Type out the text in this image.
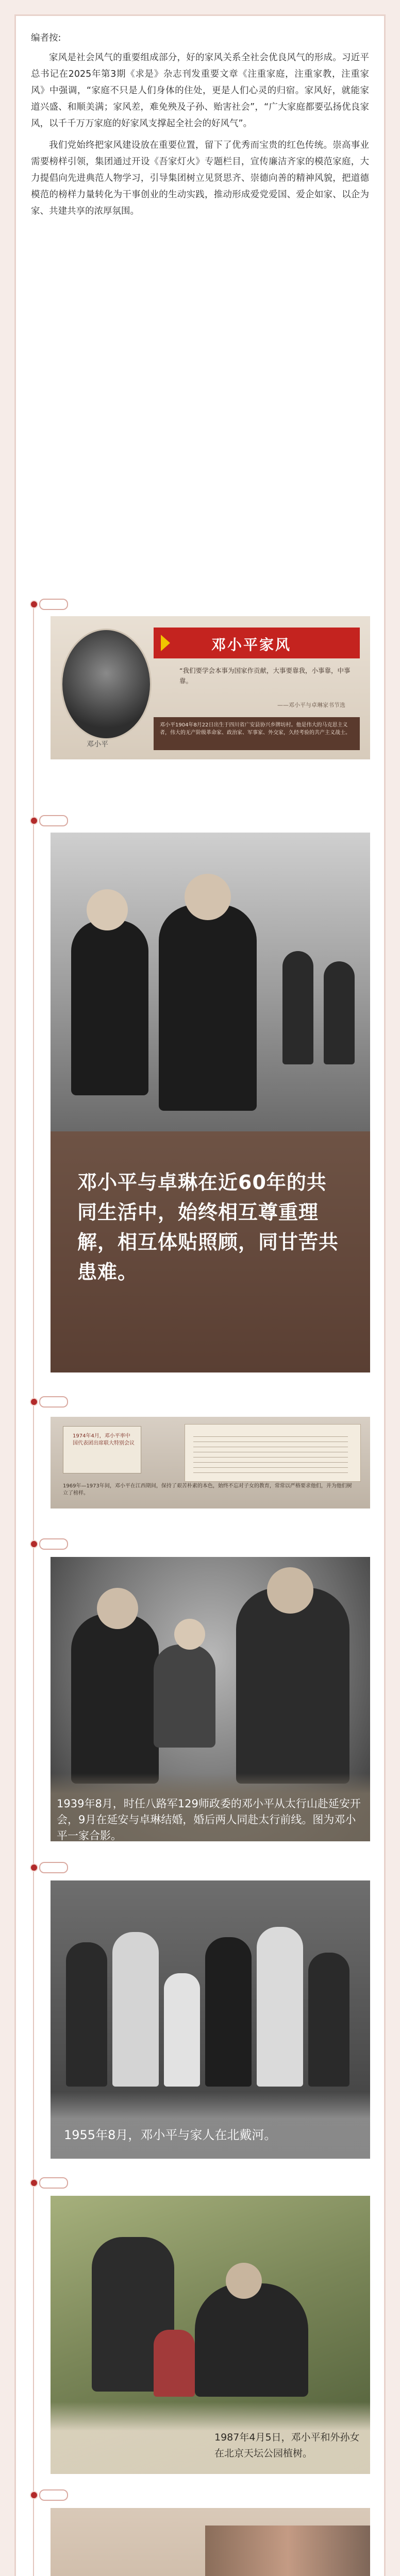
编者按:

家风是社会风气的重要组成部分，好的家风关系全社会优良风气的形成。习近平总书记在2025年第3期《求是》杂志刊发重要文章《注重家庭，注重家教，注重家风》中强调，“家庭不只是人们身体的住处，更是人们心灵的归宿。家风好，就能家道兴盛、和顺美满；家风差，难免殃及子孙、贻害社会”，“广大家庭都要弘扬优良家风，以千千万万家庭的好家风支撑起全社会的好风气”。

我们党始终把家风建设放在重要位置，留下了优秀而宝贵的红色传统。崇高事业需要榜样引领，集团通过开设《吾家灯火》专题栏目，宣传廉洁齐家的模范家庭，大力提倡向先进典范人物学习，引导集团树立见贤思齐、崇德向善的精神风貌，把道德模范的榜样力量转化为干事创业的生动实践，推动形成爱党爱国、爱企如家、以企为家、共建共享的浓厚氛围。

邓小平
邓小平家风
“我们要学会本事为国家作贡献，大事要靠我，小事靠，中事靠。
——邓小平与卓琳家书节选
邓小平1904年8月22日出生于四川省广安县协兴乡牌坊村。他是伟大的马克思主义者，伟大的无产阶级革命家、政治家、军事家、外交家，久经考验的共产主义战士。
邓小平与卓琳在近60年的共同生活中，始终相互尊重理解，相互体贴照顾，同甘苦共患难。
1974年4月，邓小平率中国代表团出席联大特别会议
1969年—1973年间，邓小平在江西期间，保持了艰苦朴素的本色，始终不忘对子女的教育，常常以严格要求他们，并为他们树立了榜样。
1939年8月，时任八路军129师政委的邓小平从太行山赴延安开会，9月在延安与卓琳结婚，婚后两人同赴太行前线。图为邓小平一家合影。
1955年8月，邓小平与家人在北戴河。
1987年4月5日，邓小平和外孙女在北京天坛公园植树。
